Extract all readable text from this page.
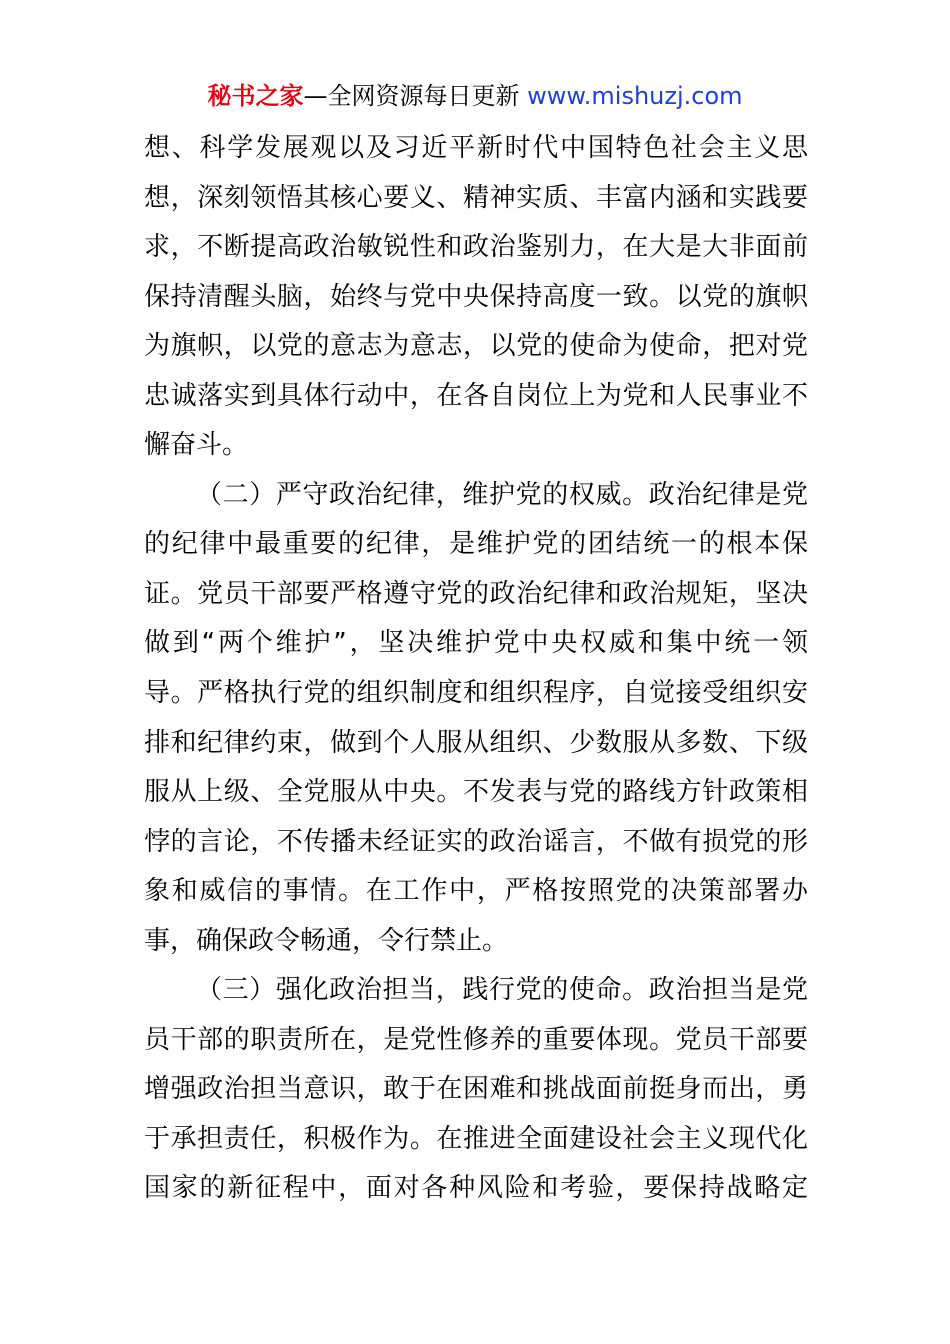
秘书之家—全网资源每日更新 www.mishuzj.com
想、科学发展观以及习近平新时代中国特色社会主义思
想，深刻领悟其核心要义、精神实质、丰富内涵和实践要
求，不断提高政治敏锐性和政治鉴别力，在大是大非面前
保持清醒头脑，始终与党中央保持高度一致。以党的旗帜
为旗帜，以党的意志为意志，以党的使命为使命，把对党
忠诚落实到具体行动中，在各自岗位上为党和人民事业不
懈奋斗。
（二）严守政治纪律，维护党的权威。政治纪律是党
的纪律中最重要的纪律，是维护党的团结统一的根本保
证。党员干部要严格遵守党的政治纪律和政治规矩，坚决
做到“两个维护”，坚决维护党中央权威和集中统一领
导。严格执行党的组织制度和组织程序，自觉接受组织安
排和纪律约束，做到个人服从组织、少数服从多数、下级
服从上级、全党服从中央。不发表与党的路线方针政策相
悖的言论，不传播未经证实的政治谣言，不做有损党的形
象和威信的事情。在工作中，严格按照党的决策部署办
事，确保政令畅通，令行禁止。
（三）强化政治担当，践行党的使命。政治担当是党
员干部的职责所在，是党性修养的重要体现。党员干部要
增强政治担当意识，敢于在困难和挑战面前挺身而出，勇
于承担责任，积极作为。在推进全面建设社会主义现代化
国家的新征程中，面对各种风险和考验，要保持战略定
